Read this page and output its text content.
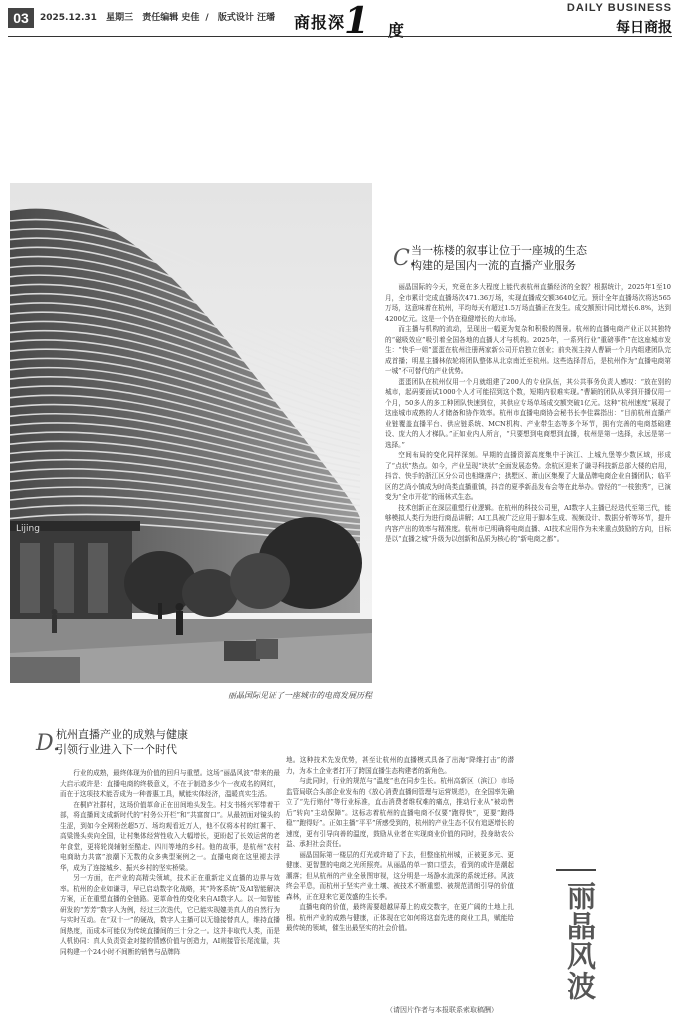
03	2025.12.31 星期三 责任编辑 史佳 / 版式设计 汪璠	商报深
1 度
DAILY BUSINESS
每日商报
Lijing
丽晶国际见证了一座城市的电商发展历程
C.
当一栋楼的叙事让位于一座城的生态
构建的是国内一流的直播产业服务

丽晶国际的今天，究竟在多大程度上能代表杭州直播经济的全貌？根据统计，2025年1至10月，全市累计完成直播场次471.36万场，实现直播成交额3640亿元。预计全年直播场次将达565万场，这意味着在杭州，平均每天有超过1.5万场直播正在发生。成交额预计同比增长6.8%，达到4200亿元。这是一个仍在稳健增长的大市场。

而主播与机构的流动，呈现出一幅更为复杂和积极的图景。杭州的直播电商产业正以其独特的“磁吸效应”吸引着全国各地的直播人才与机构。2025年，一系列行业“重磅事件”在这座城市发生：“快手一姐”蛋蛋在杭州注册两家新公司开启独立创业；前央视主持人曹颖一个月内组建团队完成首播；明星主播林依轮将团队整体从北京南迁至杭州。这些选择背后，是杭州作为“直播电商第一城”不可替代的产业优势。

蛋蛋团队在杭州仅用一个月就组建了200人的专业队伍，其公共事务负责人感叹：“放在别的城市，起码要面试1000个人才可能招到这个数，短期内很难实现。”曹颖的团队从零到开播仅用一个月，50多人的多工种团队快速到位，其供应专场单场成交额突破1亿元。这种“杭州速度”展现了这座城市成熟的人才储备和协作效率。杭州市直播电商协会秘书长李佳霖指出：“目前杭州直播产业链覆盖直播平台、供应链系统、MCN机构、产业带生态等多个环节，拥有完善的电商基础建设、庞大的人才梯队。”正如业内人所言，“只要想到电商想到直播，杭州是第一选择，永远是第一选择。”

空间布局的变化同样深刻。早期的直播资源高度集中于滨江、上城九堡等少数区域，形成了“点状”热点。如今，产业呈现“块状”全面发展态势。余杭区迎来了谦寻科技新总部大楼的启用，抖音、快手的浙江区分公司也相继落户；拱墅区、萧山区集聚了大量品牌电商企业自播团队；临平区的艺尚小镇成为时尚类直播重镇，抖音的夏季新品发布会等在此举办。曾经的“一枝独秀”，已演变为“全市开花”的雨林式生态。

技术创新正在深层重塑行业逻辑。在杭州的科技公司里，AI数字人主播已经迭代至第三代，能够模拟人类行为进行商品讲解；AI工具被广泛应用于脚本生成、视频设计、数据分析等环节，提升内容产出的效率与精准度。杭州市已明确将电商直播、AI技术应用作为未来重点鼓励的方向，目标是以“直播之城”升级为以创新和品质为核心的“新电商之都”。

D.
杭州直播产业的成熟与健康
引领行业进入下一个时代

行业的成熟，最终体现为价值的回归与重塑。这场“丽晶风波”带来的最大启示或许是：直播电商的终极意义，不在于制造多少个一夜成名的网红，而在于这项技术能否成为一种普惠工具，赋能实体经济，温暖真实生活。

在桐庐社群村，这场价值革命正在田间地头发生。村支书杨兴军带着干部，将直播间支成新时代的“村务公开栏”和“共富窗口”。从最初面对镜头的生涩，到如今全网粉丝超5万、场均观看近万人，他不仅将本村的红薯干、高粱馒头卖向全国，让村集体经营性收入大幅增长，更盼起了长效运营的老年食堂，更将轮岗辅射至酷走、四川等地的乡村。他的故事，是杭州“农村电商助力共富”浪潮下无数的众多典型案例之一。直播电商在这里褪去浮华，成为了连接城乡、振兴乡村的坚实桥梁。

另一方面，在产业的高精尖领域，技术正在重新定义直播的边界与效率。杭州的企业如谦寻，早已启动数字化战略，其“羚客系统”及AI智能解决方案，正在重塑直播的全链路。更革命性的变化来自AI数字人。以一知智能研发的“芳芳”数字人为例，经过三次迭代，它已能实现媲美真人的自然行为与实时互动。在“双十一”的硬战，数字人主播可以无缝接替真人，维持直播间热度，而成本可能仅为传统直播间的三十分之一。这并非取代人类，而是人机协同：真人负责资金对接的情感价值与创造力，AI则接管长尾流量，共同构建一个24小时不间断的销售与品牌阵

地。这种技术先发优势，甚至让杭州的直播模式具备了出海“降维打击”的潜力，为本土企业者打开了跨国直播生态构建者的新角色。

与此同时，行业的规范与“温度”也在同步生长。杭州高新区（滨江）市场监管局联合头部企业发布的《放心消费直播间管理与运营规范》，在全国率先确立了“先行赔付”等行业标准，直击消费者维权难的痛点，推动行业从“被动售后”转向“主动保障”。这标志着杭州的直播电商不仅要“跑得快”，更要“跑得稳”“跑得好”。正如主播“平平”所感受到的，杭州的产业生态不仅有追逐增长的速度，更有引导向善的温度，鼓励从业者在实现商业价值的同时，投身助农公益、承担社会责任。

丽晶国际第一楼层的灯光或许暗了下去，但整座杭州城，正被更多元、更健康、更智慧的电商之光所照亮。从丽晶的单一窗口望去，看到的或许是潮起潮落；但从杭州的产业全景图审视，这分明是一场静水流深的系统迁移。风波终会平息，而杭州于坚实产业土壤、被技术不断重塑、被规范清朗引导的价值森林，正在迎来它更茂盛的生长季。

直播电商的价值，最终需要超越屏幕上的成交数字，在更广阔的土地上扎根。杭州产业的成熟与健康，正体现在它如何将这套先进的商业工具，赋能给最传统的领域，催生出最坚实的社会价值。	丽晶风波
（请因片作者与本报联系索取稿酬）
